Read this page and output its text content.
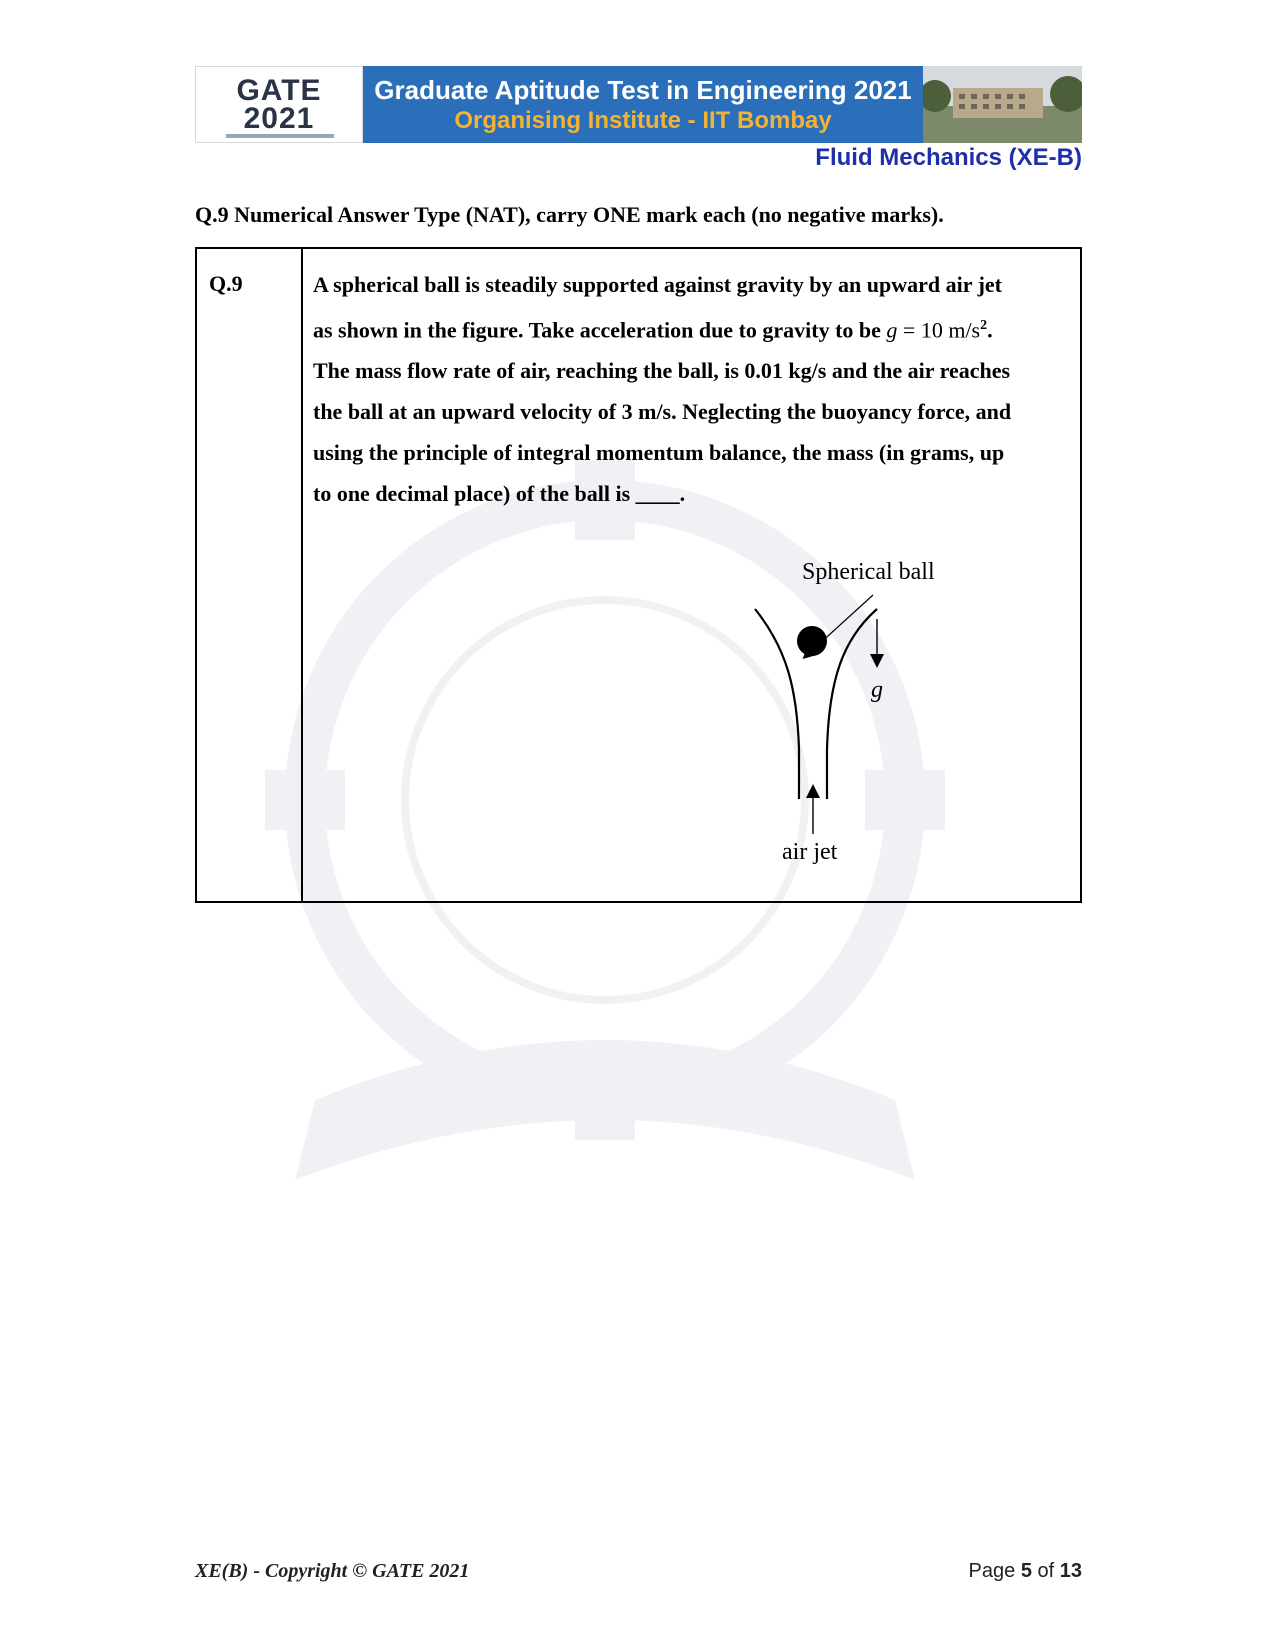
GATE
2021
Graduate Aptitude Test in Engineering 2021
Organising Institute - IIT Bombay
Fluid Mechanics (XE-B)
Q.9 Numerical Answer Type (NAT), carry ONE mark each (no negative marks).
Q.9	A spherical ball is steadily supported against gravity by an upward air jet
as shown in the figure. Take acceleration due to gravity to be g = 10 $m/s^2$.
The mass flow rate of air, reaching the ball, is 0.01 kg/s and the air reaches
the ball at an upward velocity of 3 m/s. Neglecting the buoyancy force, and
using the principle of integral momentum balance, the mass (in grams, up
to one decimal place) of the ball is ____.
Spherical ball
g
air jet
XE(B) - Copyright © GATE 2021	Page 5 of 13
